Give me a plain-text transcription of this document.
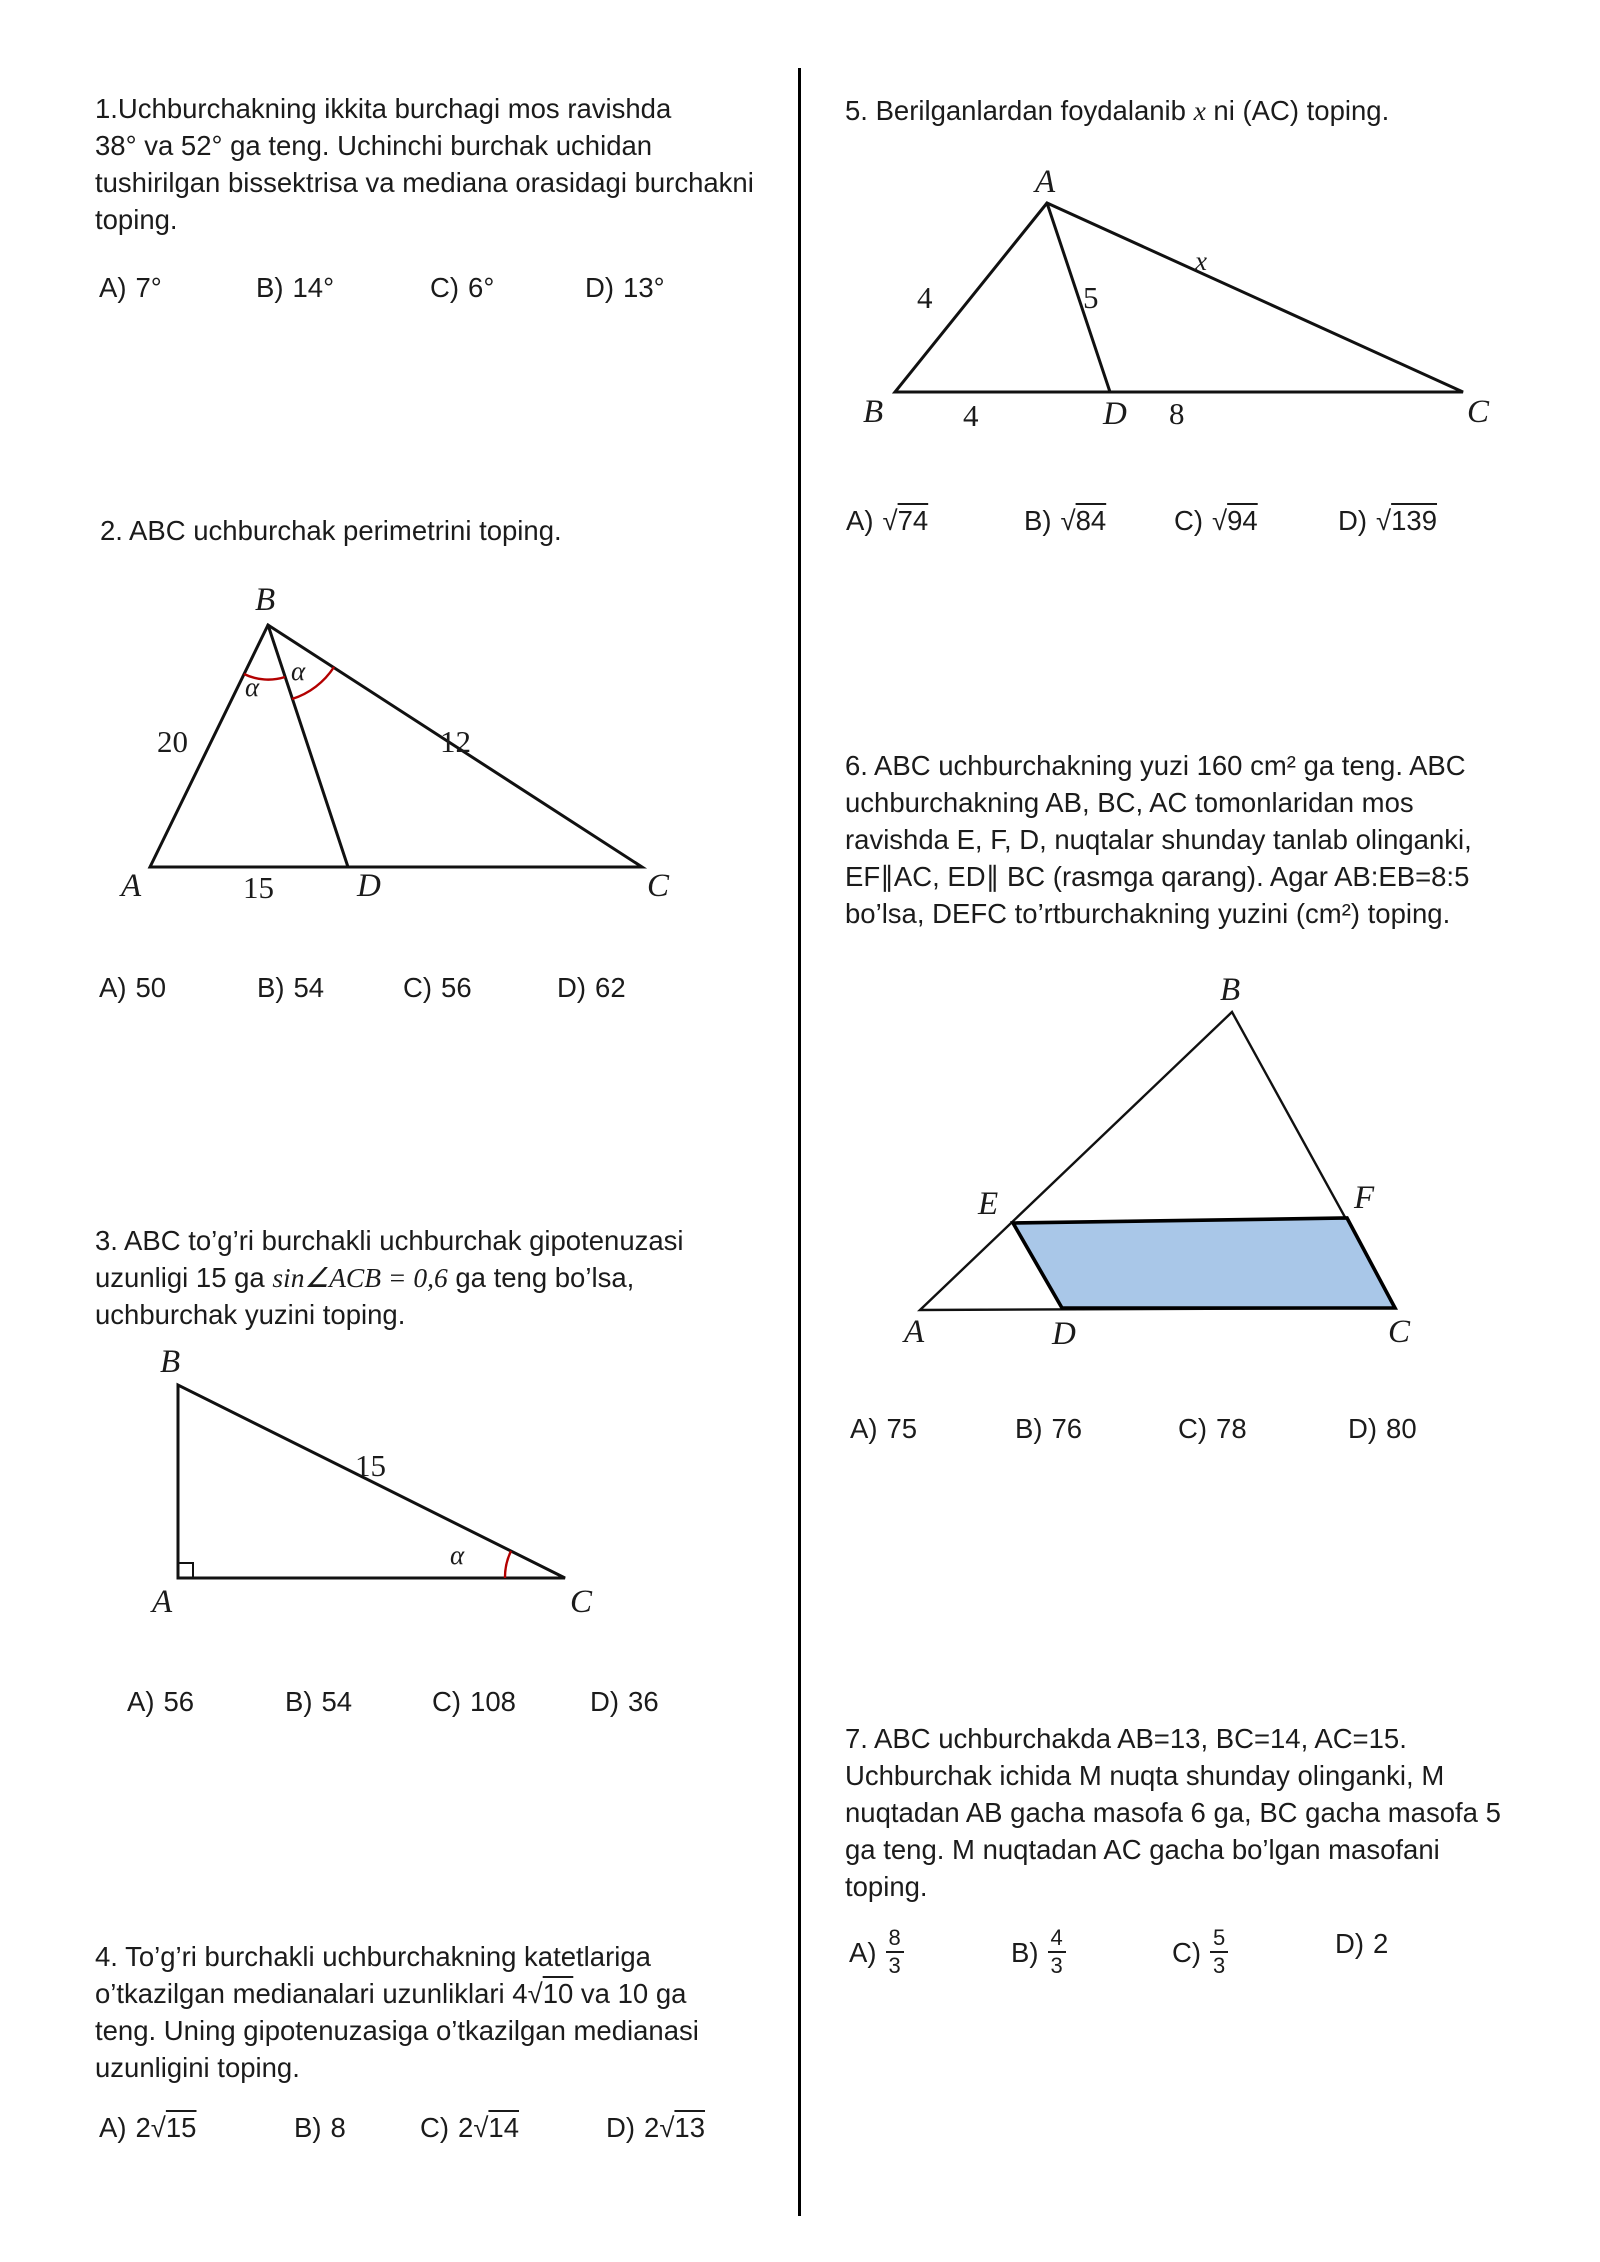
1.Uchburchakning ikkita burchagi mos ravishda
38° va 52° ga teng. Uchinchi burchak uchidan
tushirilgan bissektrisa va mediana orasidagi burchakni
toping.
A) 7°	B) 14°	C) 6°	D) 13°
2. ABC uchburchak perimetrini toping.
B
A	D	C
20	12
15
α
α
A) 50	B) 54	C) 56	D) 62
3. ABC to’g’ri burchakli uchburchak gipotenuzasi
uzunligi 15 ga sin∠ACB = 0,6 ga teng bo’lsa,
uchburchak yuzini toping.
B
A	C
15
α
A) 56	B) 54	C) 108	D) 36
4. To’g’ri burchakli uchburchakning katetlariga
o’tkazilgan medianalari uzunliklari 4√10 va 10 ga
teng. Uning gipotenuzasiga o’tkazilgan medianasi
uzunligini toping.
A) 2√15	B) 8	C) 2√14	D) 2√13
5. Berilganlardan foydalanib x ni (AC) toping.
A
B	C
D
4	5
x
4	8
A) √74	B) √84 C) √94	D) √139
6. ABC uchburchakning yuzi 160 cm² ga teng. ABC
uchburchakning AB, BC, AC tomonlaridan mos
ravishda E, F, D, nuqtalar shunday tanlab olinganki,
EF∥AC, ED∥ BC (rasmga qarang). Agar AB:EB=8:5
bo’lsa, DEFC to’rtburchakning yuzini (cm²) toping.
B
E	F
A	D	C
A) 75	B) 76	C) 78	D) 80
7. ABC uchburchakda AB=13, BC=14, AC=15.
Uchburchak ichida M nuqta shunday olinganki, M
nuqtadan AB gacha masofa 6 ga, BC gacha masofa 5
ga teng. M nuqtadan AC gacha bo’lgan masofani
toping.
$A) \frac{8}{3}$	$B) \frac{4}{3}$	$C) \frac{5}{3}$	D) 2
